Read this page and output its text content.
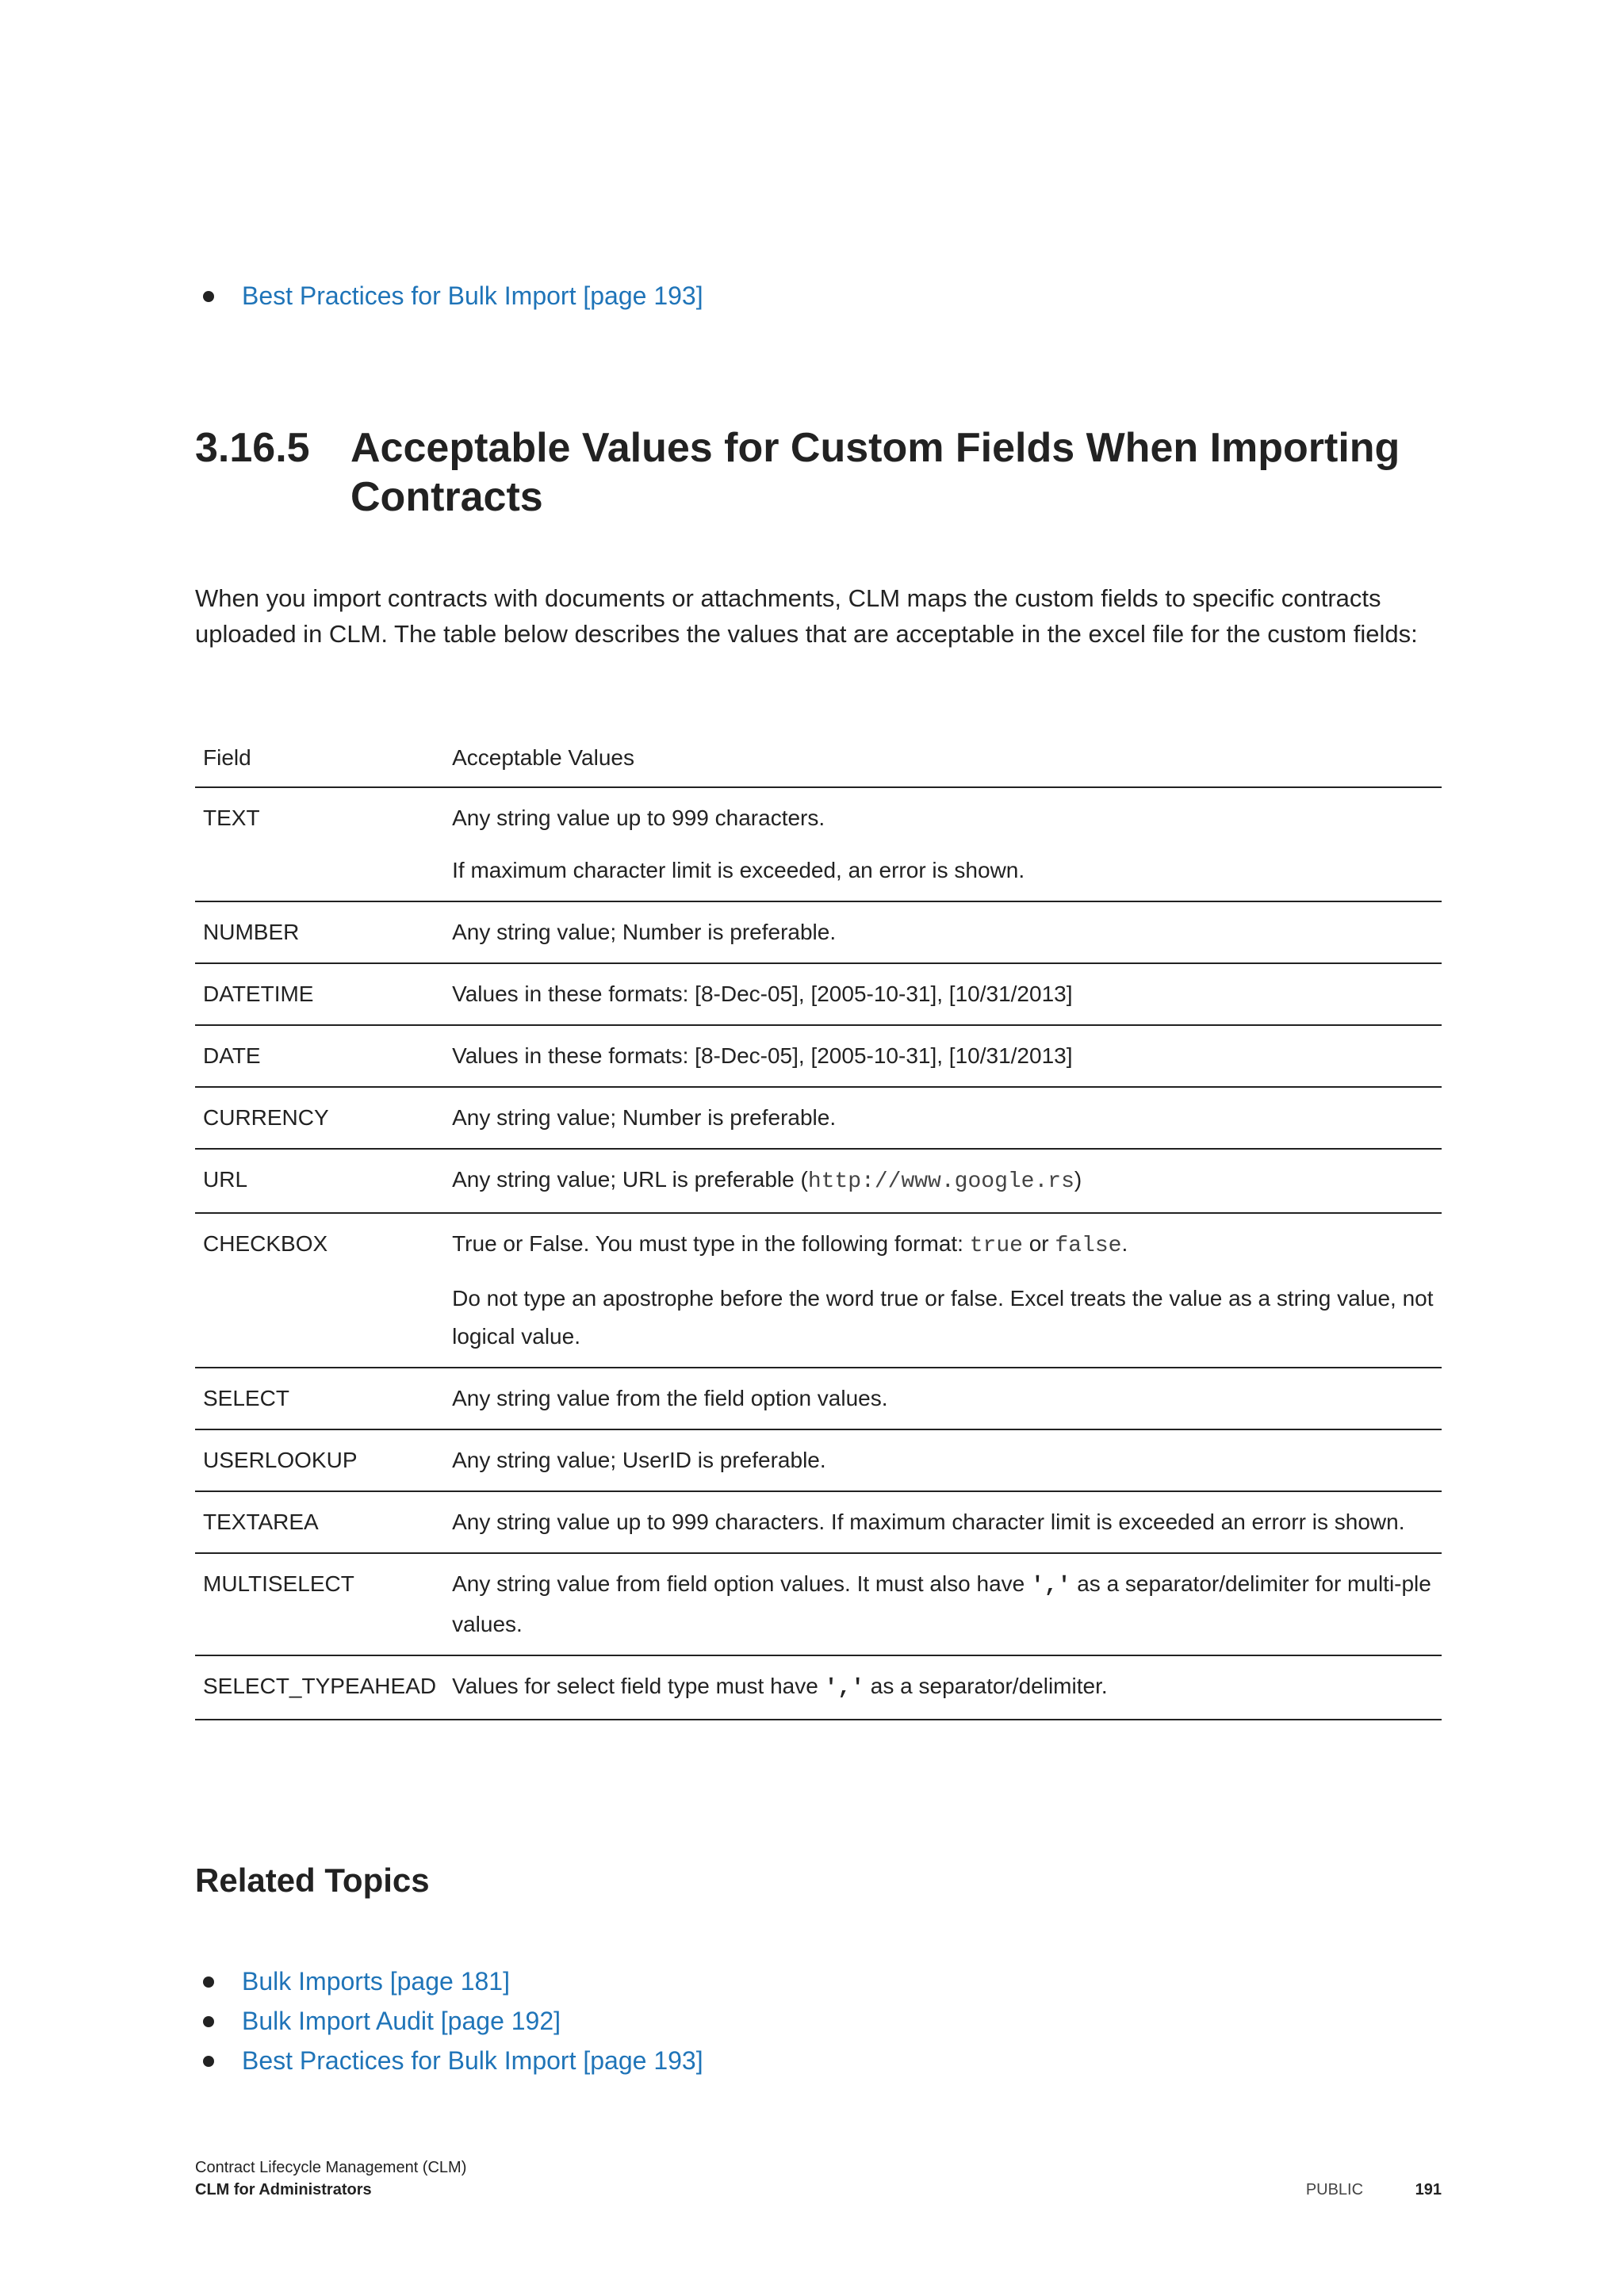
Best Practices for Bulk Import [page 193]
3.16.5 Acceptable Values for Custom Fields When Importing Contracts

When you import contracts with documents or attachments, CLM maps the custom fields to specific contracts uploaded in CLM. The table below describes the values that are acceptable in the excel file for the custom fields:

Field	Acceptable Values
TEXT	Any string value up to 999 characters.

If maximum character limit is exceeded, an error is shown.

NUMBER	Any string value; Number is preferable.

DATETIME	Values in these formats: [8-Dec-05], [2005-10-31], [10/31/2013]

DATE	Values in these formats: [8-Dec-05], [2005-10-31], [10/31/2013]

CURRENCY	Any string value; Number is preferable.

URL	Any string value; URL is preferable (http://www.google.rs)

CHECKBOX	True or False. You must type in the following format: true or false.

Do not type an apostrophe before the word true or false. Excel treats the value as a string value, not logical value.

SELECT	Any string value from the field option values.

USERLOOKUP	Any string value; UserID is preferable.

TEXTAREA	Any string value up to 999 characters. If maximum character limit is exceeded an errorr is shown.

MULTISELECT	Any string value from field option values. It must also have ',' as a separator/delimiter for multi-ple values.

SELECT_TYPEAHEAD	Values for select field type must have ',' as a separator/delimiter.

Related Topics
Bulk Imports [page 181]
Bulk Import Audit [page 192]
Best Practices for Bulk Import [page 193]
Contract Lifecycle Management (CLM)
CLM for Administrators	PUBLIC	191
